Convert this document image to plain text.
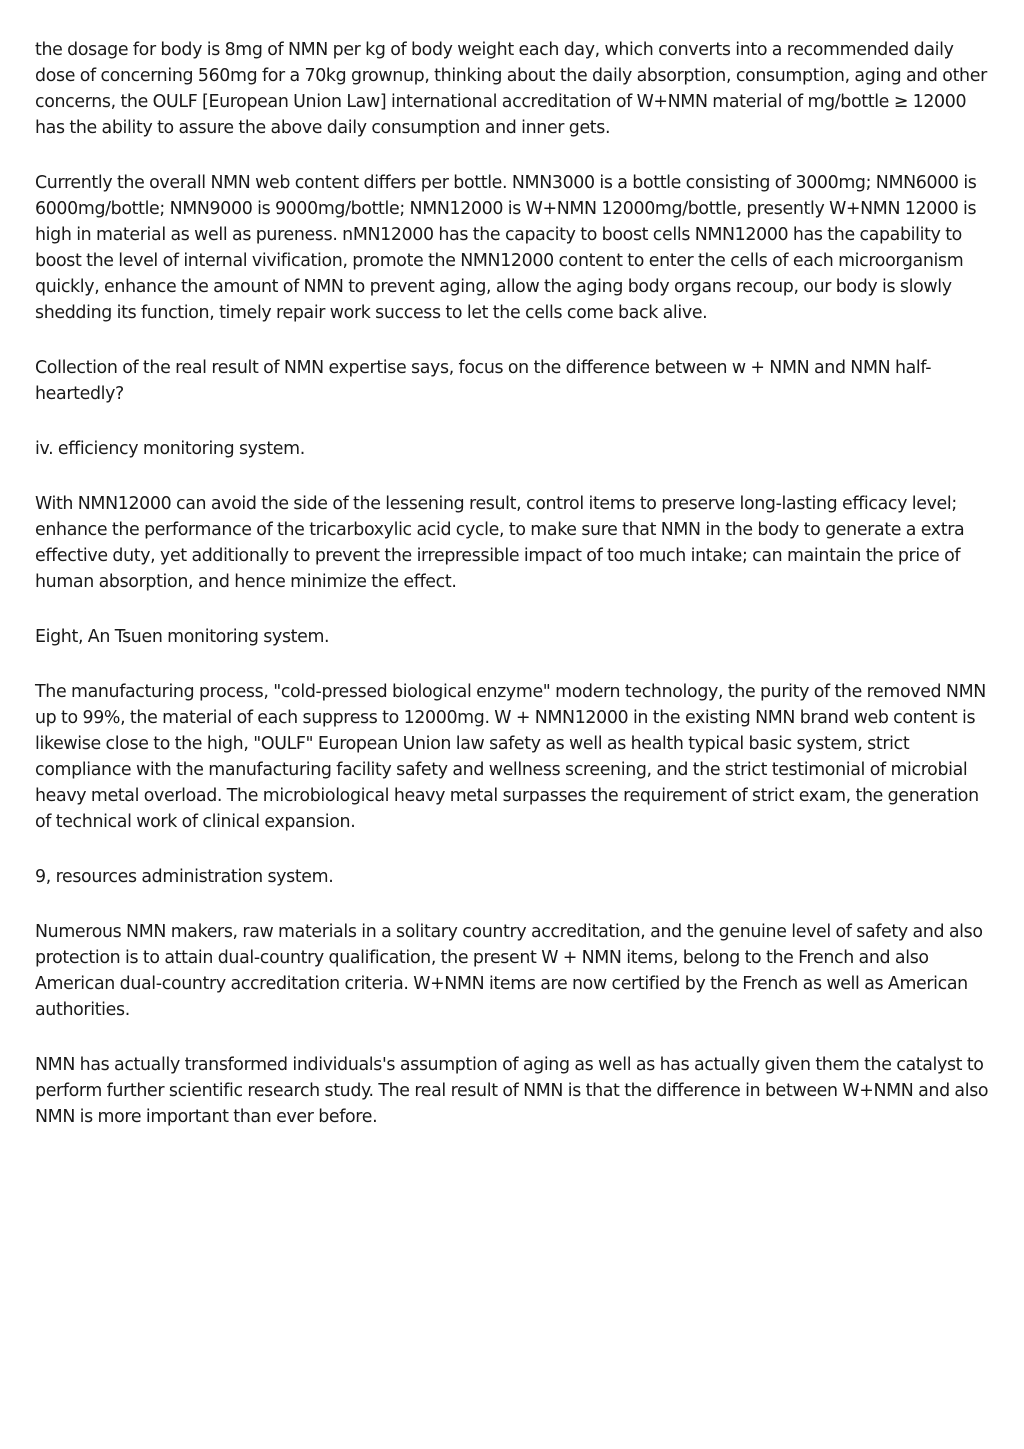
the dosage for body is 8mg of NMN per kg of body weight each day, which converts into a recommended daily dose of concerning 560mg for a 70kg grownup, thinking about the daily absorption, consumption, aging and other concerns, the OULF [European Union Law] international accreditation of W+NMN material of mg/bottle ≥ 12000 has the ability to assure the above daily consumption and inner gets.

Currently the overall NMN web content differs per bottle. NMN3000 is a bottle consisting of 3000mg; NMN6000 is 6000mg/bottle; NMN9000 is 9000mg/bottle; NMN12000 is W+NMN 12000mg/bottle, presently W+NMN 12000 is high in material as well as pureness. nMN12000 has the capacity to boost cells NMN12000 has the capability to boost the level of internal vivification, promote the NMN12000 content to enter the cells of each microorganism quickly, enhance the amount of NMN to prevent aging, allow the aging body organs recoup, our body is slowly shedding its function, timely repair work success to let the cells come back alive.

Collection of the real result of NMN expertise says, focus on the difference between w + NMN and NMN half-heartedly?

iv. efficiency monitoring system.

With NMN12000 can avoid the side of the lessening result, control items to preserve long-lasting efficacy level; enhance the performance of the tricarboxylic acid cycle, to make sure that NMN in the body to generate a extra effective duty, yet additionally to prevent the irrepressible impact of too much intake; can maintain the price of human absorption, and hence minimize the effect.

Eight, An Tsuen monitoring system.

The manufacturing process, "cold-pressed biological enzyme" modern technology, the purity of the removed NMN up to 99%, the material of each suppress to 12000mg. W + NMN12000 in the existing NMN brand web content is likewise close to the high, "OULF" European Union law safety as well as health typical basic system, strict compliance with the manufacturing facility safety and wellness screening, and the strict testimonial of microbial heavy metal overload. The microbiological heavy metal surpasses the requirement of strict exam, the generation of technical work of clinical expansion.

9, resources administration system.

Numerous NMN makers, raw materials in a solitary country accreditation, and the genuine level of safety and also protection is to attain dual-country qualification, the present W + NMN items, belong to the French and also American dual-country accreditation criteria. W+NMN items are now certified by the French as well as American authorities.

NMN has actually transformed individuals's assumption of aging as well as has actually given them the catalyst to perform further scientific research study. The real result of NMN is that the difference in between W+NMN and also NMN is more important than ever before.
